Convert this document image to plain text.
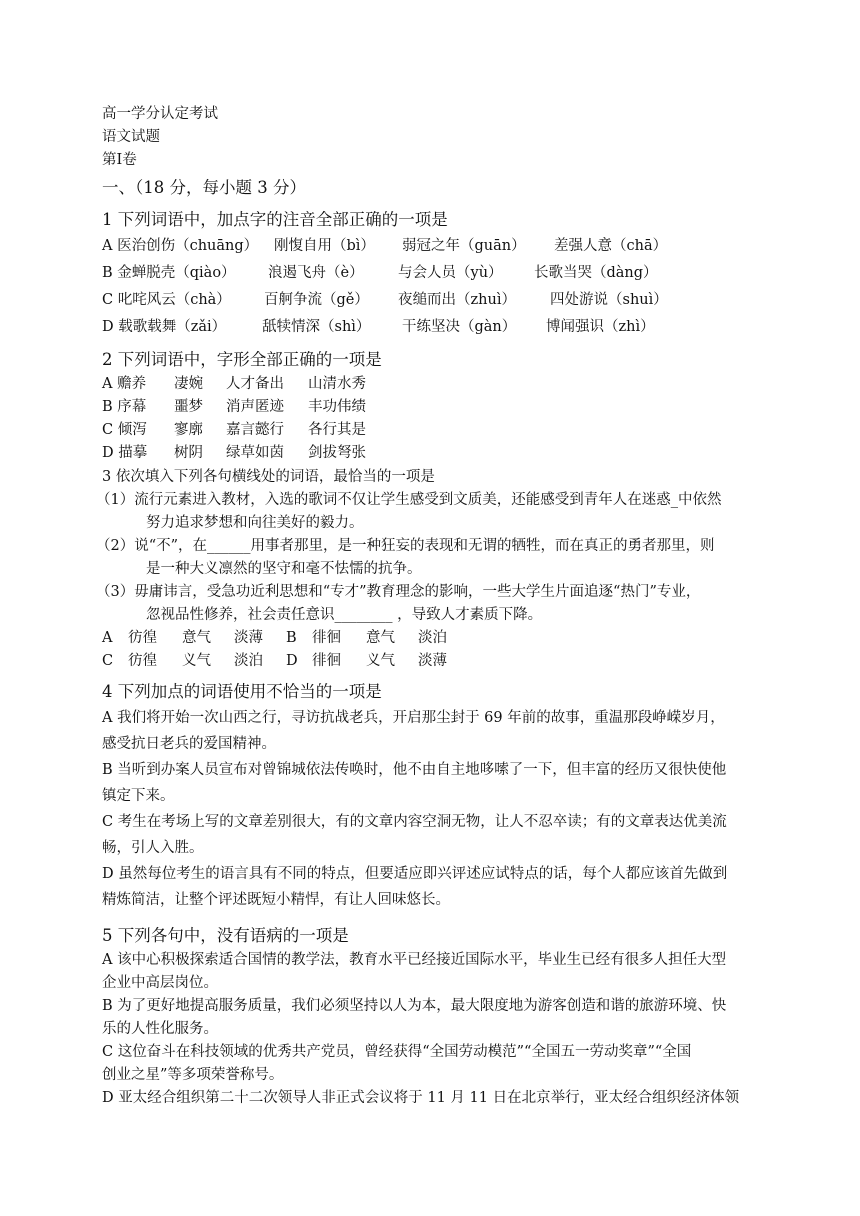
高一学分认定考试
语文试题
第Ⅰ卷
一、（18 分，每小题 3 分）
1 下列词语中，加点字的注音全部正确的一项是
A 医治创伤（chuāng）	刚愎自用（bì）	弱冠之年（guān）	差强人意（chā）
B 金蝉脱壳（qiào）	浪遏飞舟（è）	与会人员（yù）	长歌当哭（dàng）
C 叱咤风云（chà）	百舸争流（gě）	夜缒而出（zhuì）	四处游说（shuì）
D 载歌载舞（zǎi）	舐犊情深（shì）	干练坚决（gàn）	博闻强识（zhì）
2 下列词语中，字形全部正确的一项是
A 赡养	凄婉	人才备出	山清水秀
B 序幕	噩梦	消声匿迹	丰功伟绩
C 倾泻	寥廓	嘉言懿行	各行其是
D 描摹	树阴	绿草如茵	剑拔弩张
3 依次填入下列各句横线处的词语，最恰当的一项是
（1）流行元素进入教材，入选的歌词不仅让学生感受到文质美，还能感受到青年人在迷惑_中依然
努力追求梦想和向往美好的毅力。
（2）说“不”，在______用事者那里，是一种狂妄的表现和无谓的牺牲，而在真正的勇者那里，则
是一种大义凛然的坚守和毫不怯懦的抗争。
（3）毋庸讳言，受急功近利思想和“专才”教育理念的影响，一些大学生片面追逐“热门”专业，
忽视品性修养，社会责任意识________ ，导致人才素质下降。
A	彷徨	意气	淡薄	B	徘徊	意气	淡泊
C	彷徨	义气	淡泊	D 徘徊	义气	淡薄
4 下列加点的词语使用不恰当的一项是
A 我们将开始一次山西之行，寻访抗战老兵，开启那尘封于 69 年前的故事，重温那段峥嵘岁月，
感受抗日老兵的爱国精神。
B 当听到办案人员宣布对曾锦城依法传唤时，他不由自主地哆嗦了一下，但丰富的经历又很快使他
镇定下来。
C 考生在考场上写的文章差别很大，有的文章内容空洞无物，让人不忍卒读；有的文章表达优美流
畅，引人入胜。
D 虽然每位考生的语言具有不同的特点，但要适应即兴评述应试特点的话，每个人都应该首先做到
精炼简洁，让整个评述既短小精悍，有让人回味悠长。
5 下列各句中，没有语病的一项是
A 该中心积极探索适合国情的教学法，教育水平已经接近国际水平，毕业生已经有很多人担任大型
企业中高层岗位。
B 为了更好地提高服务质量，我们必须坚持以人为本，最大限度地为游客创造和谐的旅游环境、快
乐的人性化服务。
C 这位奋斗在科技领域的优秀共产党员，曾经获得“全国劳动模范”“全国五一劳动奖章”“全国
创业之星”等多项荣誉称号。
D 亚太经合组织第二十二次领导人非正式会议将于 11 月 11 日在北京举行，亚太经合组织经济体领
